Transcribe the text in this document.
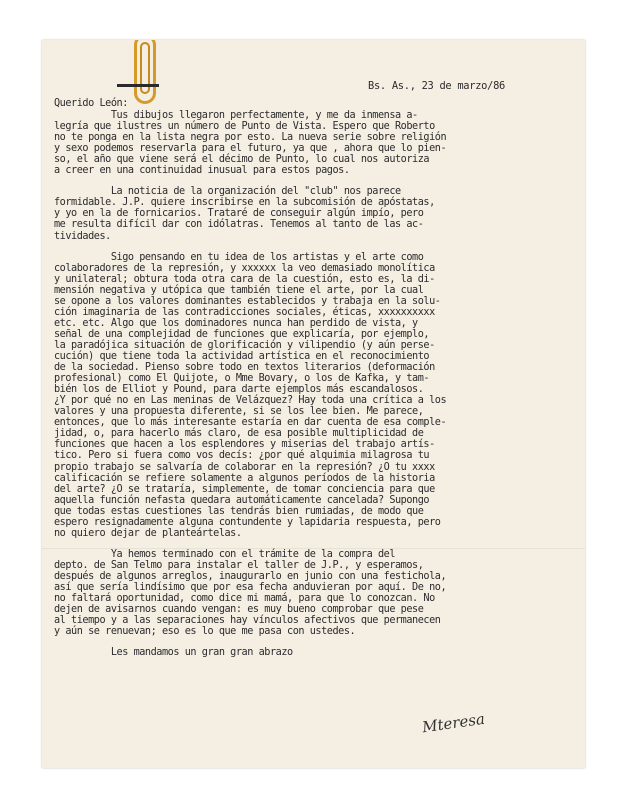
Bs. As., 23 de marzo/86
Querido León:
Tus dibujos llegaron perfectamente, y me da inmensa a-
legría que ilustres un número de Punto de Vista. Espero que Roberto
no te ponga en la lista negra por esto. La nueva serie sobre religión
y sexo podemos reservarla para el futuro, ya que , ahora que lo pien-
so, el año que viene será el décimo de Punto, lo cual nos autoriza
a creer en una continuidad inusual para estos pagos.
La noticia de la organización del "club" nos parece
formidable. J.P. quiere inscribirse en la subcomisión de apóstatas,
y yo en la de fornicarios. Trataré de conseguir algún impío, pero
me resulta difícil dar con idólatras. Tenemos al tanto de las ac-
tividades.
Sigo pensando en tu idea de los artistas y el arte como
colaboradores de la represión, y xxxxxx la veo demasiado monolítica
y unilateral; obtura toda otra cara de la cuestión, esto es, la di-
mensión negativa y utópica que también tiene el arte, por la cual
se opone a los valores dominantes establecidos y trabaja en la solu-
ción imaginaria de las contradicciones sociales, éticas, xxxxxxxxxx
etc. etc. Algo que los dominadores nunca han perdido de vista, y
señal de una complejidad de funciones que explicaría, por ejemplo,
la paradójica situación de glorificación y vilipendio (y aún perse-
cución) que tiene toda la actividad artística en el reconocimiento
de la sociedad. Pienso sobre todo en textos literarios (deformación
profesional) como El Quijote, o Mme Bovary, o los de Kafka, y tam-
bién los de Elliot y Pound, para darte ejemplos más escandalosos.
¿Y por qué no en Las meninas de Velázquez? Hay toda una crítica a los
valores y una propuesta diferente, si se los lee bien. Me parece,
entonces, que lo más interesante estaría en dar cuenta de esa comple-
jidad, o, para hacerlo más claro, de esa posible multiplicidad de
funciones que hacen a los esplendores y miserias del trabajo artís-
tico. Pero si fuera como vos decís: ¿por qué alquimia milagrosa tu
propio trabajo se salvaría de colaborar en la represión? ¿O tu xxxx
calificación se refiere solamente a algunos períodos de la historia
del arte? ¿O se trataría, simplemente, de tomar conciencia para que
aquella función nefasta quedara automáticamente cancelada? Supongo
que todas estas cuestiones las tendrás bien rumiadas, de modo que
espero resignadamente alguna contundente y lapidaria respuesta, pero
no quiero dejar de planteártelas.
Ya hemos terminado con el trámite de la compra del
depto. de San Telmo para instalar el taller de J.P., y esperamos,
después de algunos arreglos, inaugurarlo en junio con una festichola,
así que sería lindísimo que por esa fecha anduvieran por aquí. De no,
no faltará oportunidad, como dice mi mamá, para que lo conozcan. No
dejen de avisarnos cuando vengan: es muy bueno comprobar que pese
al tiempo y a las separaciones hay vínculos afectivos que permanecen
y aún se renuevan; eso es lo que me pasa con ustedes.
Les mandamos un gran gran abrazo
Mteresa
